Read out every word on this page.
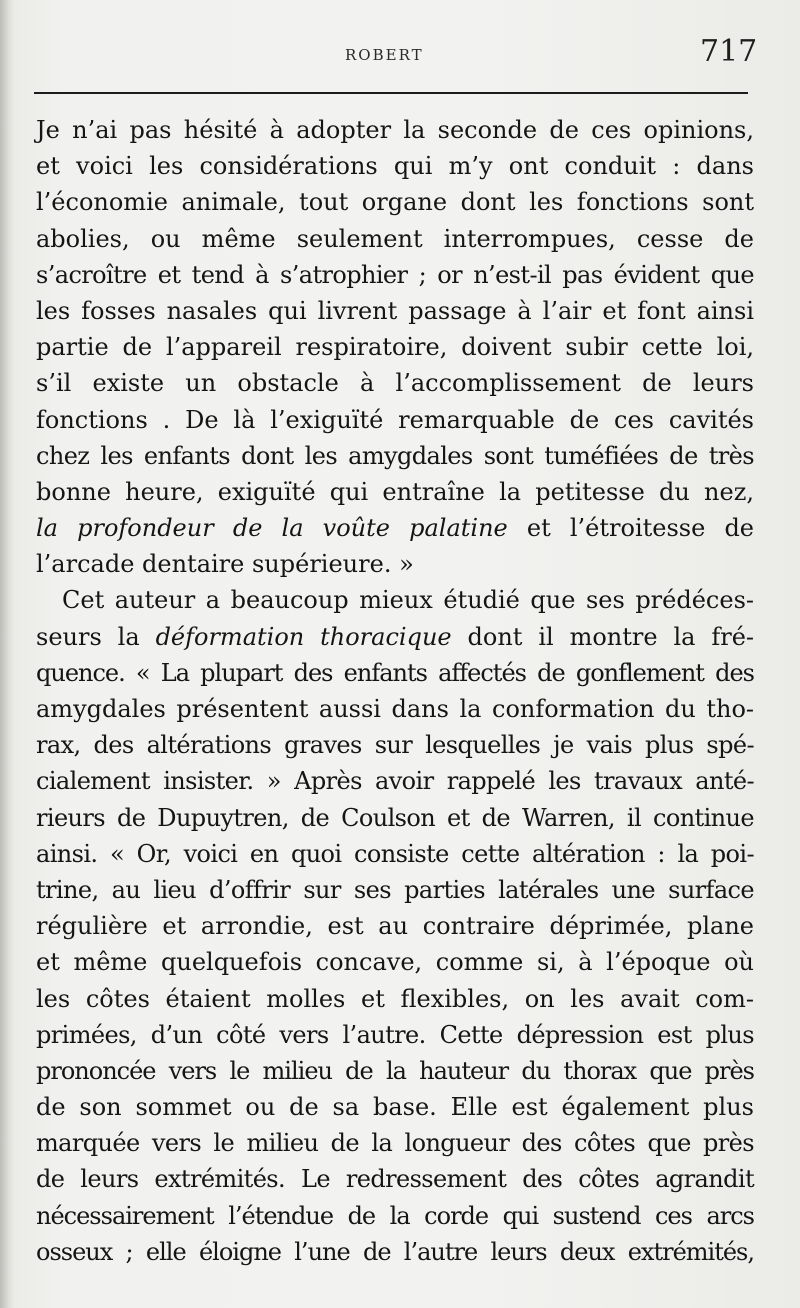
ROBERT	717
Je n’ai pas hésité à adopter la seconde de ces opinions,
et voici les considérations qui m’y ont conduit : dans
l’économie animale, tout organe dont les fonctions sont
abolies, ou même seulement interrompues, cesse de
s’acroître et tend à s’atrophier ; or n’est-il pas évident que
les fosses nasales qui livrent passage à l’air et font ainsi
partie de l’appareil respiratoire, doivent subir cette loi,
s’il existe un obstacle à l’accomplissement de leurs
fonctions . De là l’exiguïté remarquable de ces cavités
chez les enfants dont les amygdales sont tuméfiées de très
bonne heure, exiguïté qui entraîne la petitesse du nez,
la profondeur de la voûte palatine et l’étroitesse de
l’arcade dentaire supérieure. »
Cet auteur a beaucoup mieux étudié que ses prédéces-
seurs la déformation thoracique dont il montre la fré-
quence. « La plupart des enfants affectés de gonflement des
amygdales présentent aussi dans la conformation du tho-
rax, des altérations graves sur lesquelles je vais plus spé-
cialement insister. » Après avoir rappelé les travaux anté-
rieurs de Dupuytren, de Coulson et de Warren, il continue
ainsi. « Or, voici en quoi consiste cette altération : la poi-
trine, au lieu d’offrir sur ses parties latérales une surface
régulière et arrondie, est au contraire déprimée, plane
et même quelquefois concave, comme si, à l’époque où
les côtes étaient molles et flexibles, on les avait com-
primées, d’un côté vers l’autre. Cette dépression est plus
prononcée vers le milieu de la hauteur du thorax que près
de son sommet ou de sa base. Elle est également plus
marquée vers le milieu de la longueur des côtes que près
de leurs extrémités. Le redressement des côtes agrandit
nécessairement l’étendue de la corde qui sustend ces arcs
osseux ; elle éloigne l’une de l’autre leurs deux extrémités,
